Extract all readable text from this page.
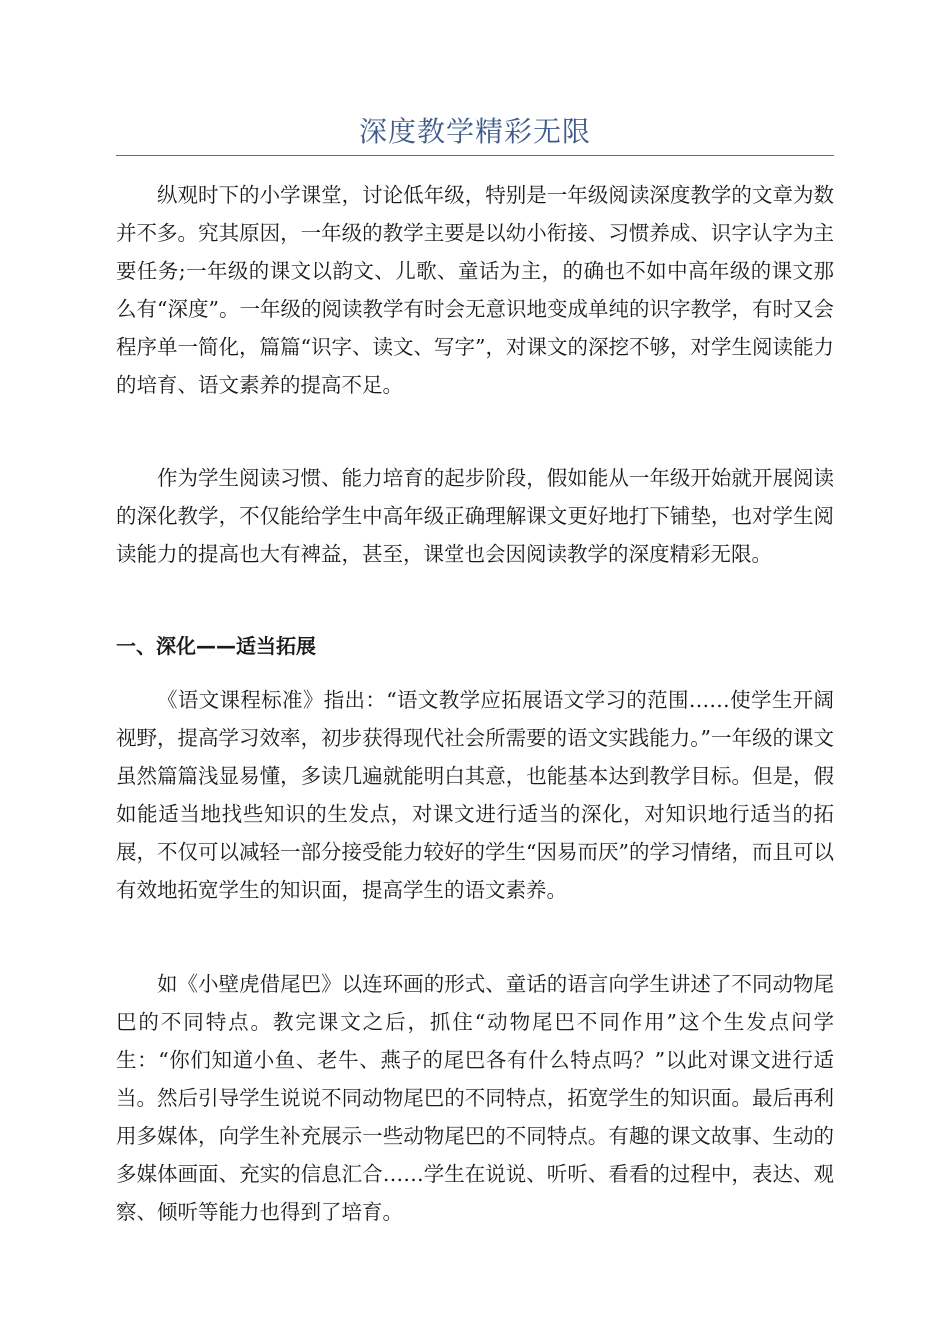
深度教学精彩无限

纵观时下的小学课堂，讨论低年级，特别是一年级阅读深度教学的文章为数并不多。究其原因，一年级的教学主要是以幼小衔接、习惯养成、识字认字为主要任务;一年级的课文以韵文、儿歌、童话为主，的确也不如中高年级的课文那么有“深度”。一年级的阅读教学有时会无意识地变成单纯的识字教学，有时又会程序单一简化，篇篇“识字、读文、写字”，对课文的深挖不够，对学生阅读能力的培育、语文素养的提高不足。

作为学生阅读习惯、能力培育的起步阶段，假如能从一年级开始就开展阅读的深化教学，不仅能给学生中高年级正确理解课文更好地打下铺垫，也对学生阅读能力的提高也大有裨益，甚至，课堂也会因阅读教学的深度精彩无限。

一、深化——适当拓展

《语文课程标准》指出：“语文教学应拓展语文学习的范围……使学生开阔视野，提高学习效率，初步获得现代社会所需要的语文实践能力。”一年级的课文虽然篇篇浅显易懂，多读几遍就能明白其意，也能基本达到教学目标。但是，假如能适当地找些知识的生发点，对课文进行适当的深化，对知识地行适当的拓展，不仅可以减轻一部分接受能力较好的学生“因易而厌”的学习情绪，而且可以有效地拓宽学生的知识面，提高学生的语文素养。

如《小壁虎借尾巴》以连环画的形式、童话的语言向学生讲述了不同动物尾巴的不同特点。教完课文之后，抓住“动物尾巴不同作用”这个生发点问学生：“你们知道小鱼、老牛、燕子的尾巴各有什么特点吗？”以此对课文进行适当。然后引导学生说说不同动物尾巴的不同特点，拓宽学生的知识面。最后再利用多媒体，向学生补充展示一些动物尾巴的不同特点。有趣的课文故事、生动的多媒体画面、充实的信息汇合……学生在说说、听听、看看的过程中，表达、观察、倾听等能力也得到了培育。
